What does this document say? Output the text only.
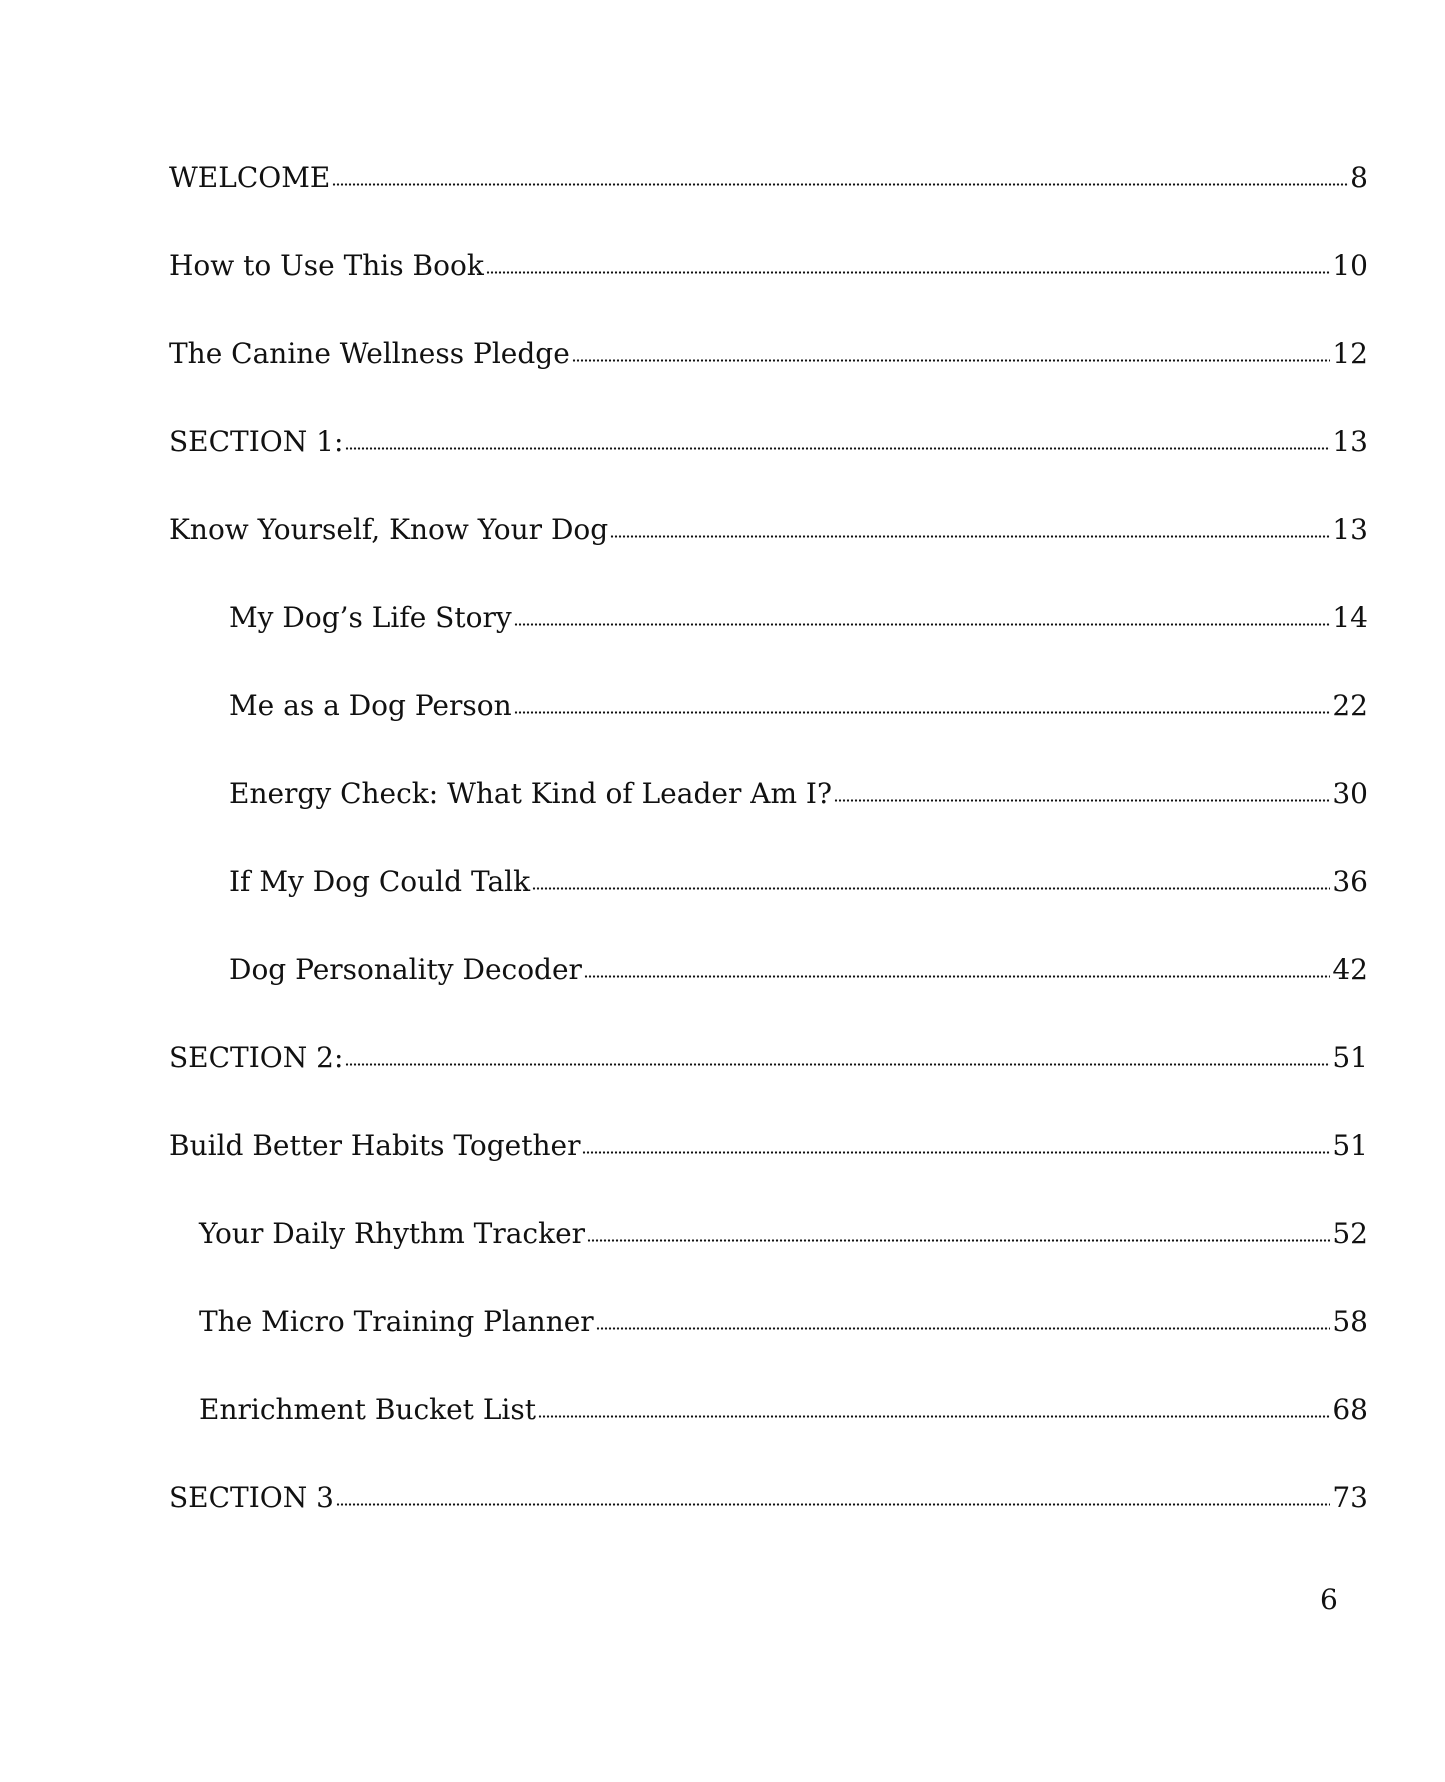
WELCOME	8
How to Use This Book	10
The Canine Wellness Pledge	12
SECTION 1:	13
Know Yourself, Know Your Dog	13
My Dog’s Life Story	14
Me as a Dog Person	22
Energy Check: What Kind of Leader Am I?	30
If My Dog Could Talk	36
Dog Personality Decoder	42
SECTION 2:	51
Build Better Habits Together	51
Your Daily Rhythm Tracker	52
The Micro Training Planner	58
Enrichment Bucket List	68
SECTION 3	73
6
